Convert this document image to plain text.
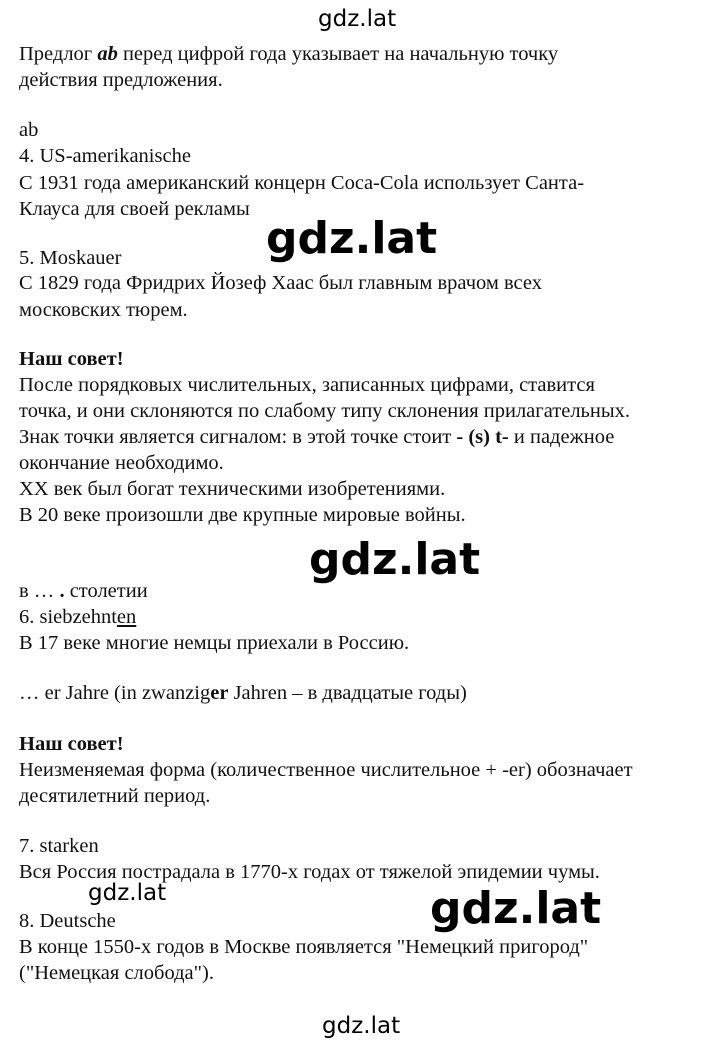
gdz.lat

Предлог ab перед цифрой года указывает на начальную точку

действия предложения.

ab

4. US-amerikanische

С 1931 года американский концерн Coca-Cola использует Санта-

Клауса для своей рекламы

gdz.lat

5. Moskauer

С 1829 года Фридрих Йозеф Хаас был главным врачом всех

московских тюрем.

Наш совет!

После порядковых числительных, записанных цифрами, ставится

точка, и они склоняются по слабому типу склонения прилагательных.

Знак точки является сигналом: в этой точке стоит - (s) t- и падежное

окончание необходимо.

XX век был богат техническими изобретениями.

В 20 веке произошли две крупные мировые войны.

gdz.lat

в … . столетии

6. siebzehnten

В 17 веке многие немцы приехали в Россию.

… er Jahre (in zwanziger Jahren – в двадцатые годы)

Наш совет!

Неизменяемая форма (количественное числительное + -er) обозначает

десятилетний период.

7. starken

Вся Россия пострадала в 1770-х годах от тяжелой эпидемии чумы.

gdz.lat	gdz.lat

8. Deutsche

В конце 1550-х годов в Москве появляется "Немецкий пригород"

("Немецкая слобода").

gdz.lat
